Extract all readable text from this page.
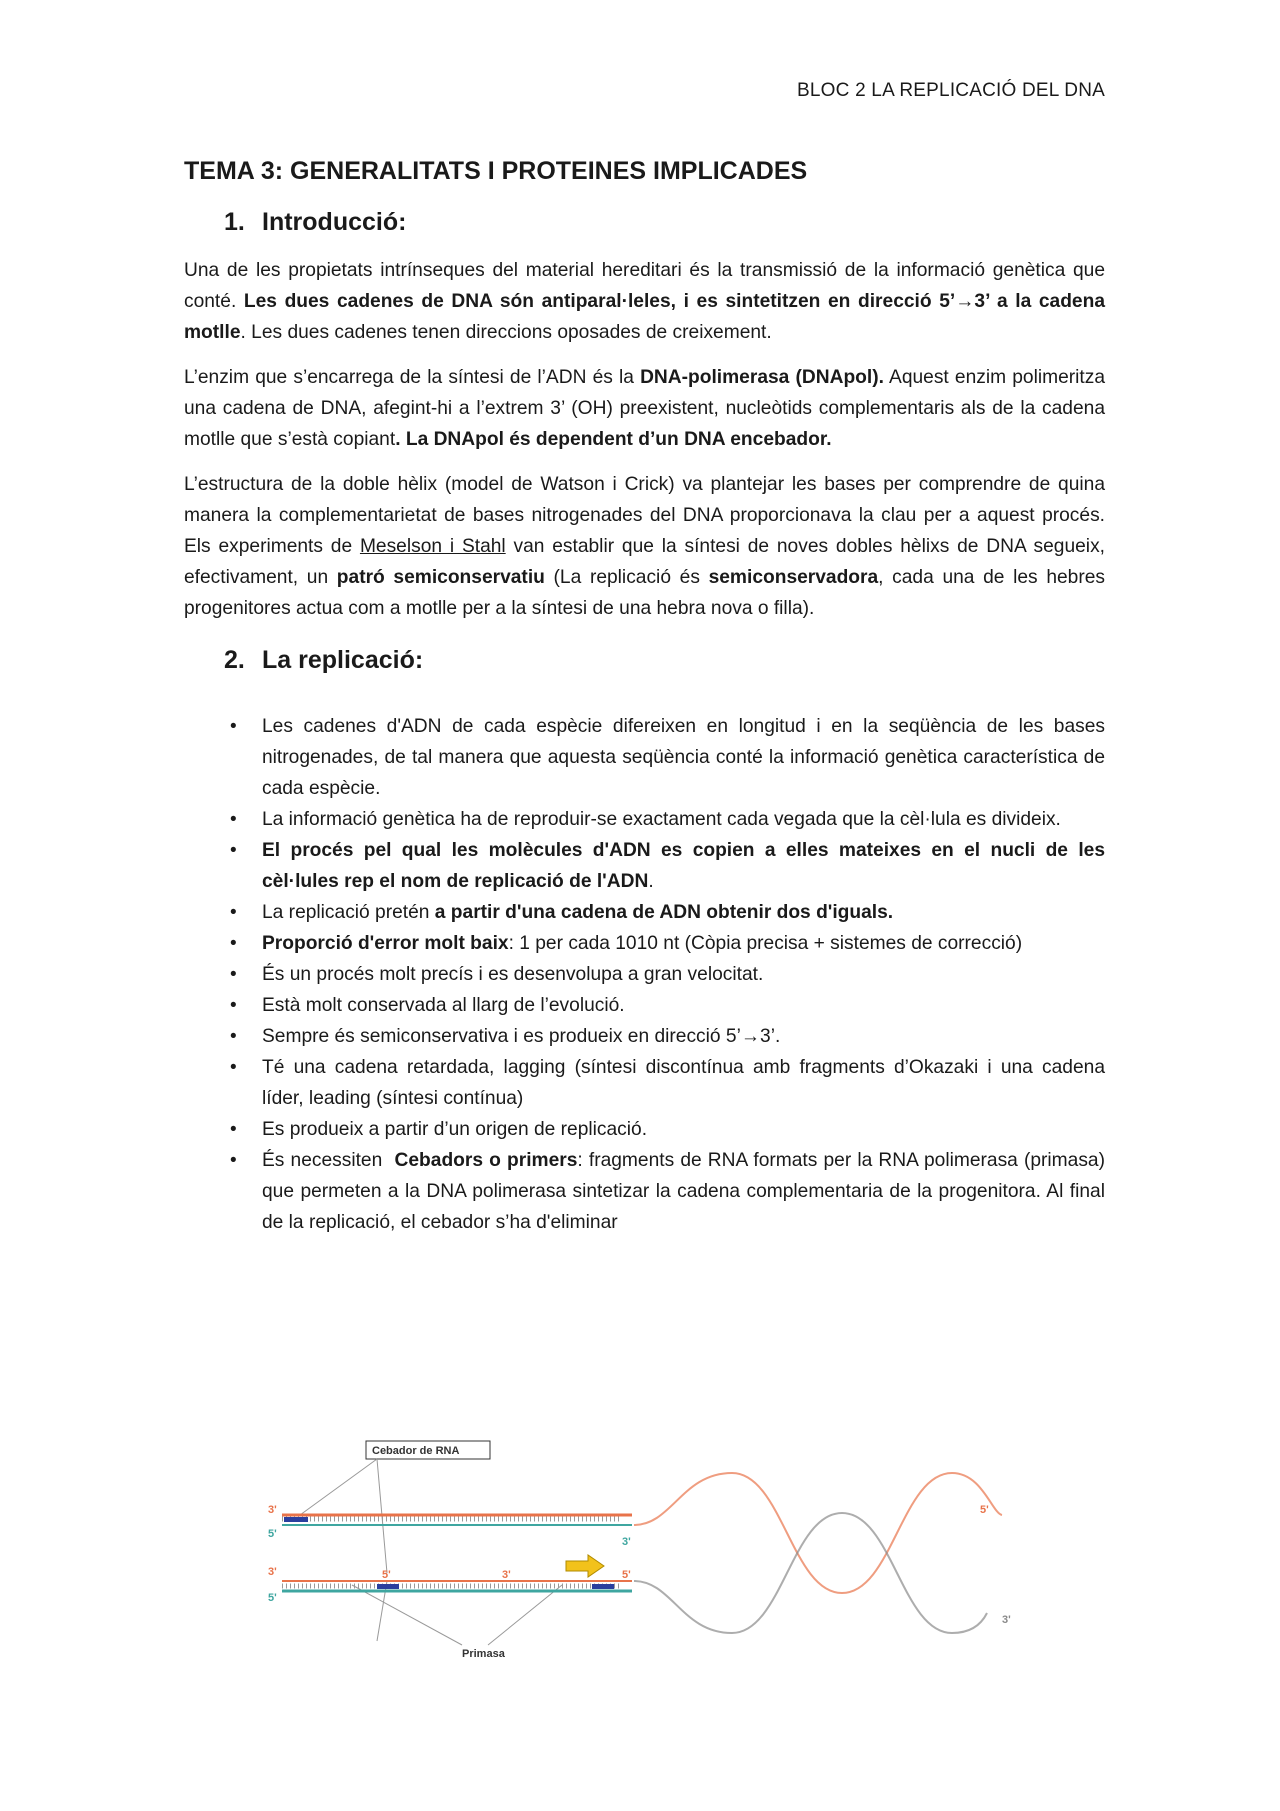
BLOC 2 LA REPLICACIÓ DEL DNA
TEMA 3: GENERALITATS I PROTEINES IMPLICADES
1. Introducció:

Una de les propietats intrínseques del material hereditari és la transmissió de la informació genètica que conté. Les dues cadenes de DNA són antiparal·leles, i es sintetitzen en direcció 5’→3’ a la cadena motlle. Les dues cadenes tenen direccions oposades de creixement.

L’enzim que s’encarrega de la síntesi de l’ADN és la DNA-polimerasa (DNApol). Aquest enzim polimeritza una cadena de DNA, afegint-hi a l’extrem 3’ (OH) preexistent, nucleòtids complementaris als de la cadena motlle que s’està copiant. La DNApol és dependent d’un DNA encebador.

L’estructura de la doble hèlix (model de Watson i Crick) va plantejar les bases per comprendre de quina manera la complementarietat de bases nitrogenades del DNA proporcionava la clau per a aquest procés. Els experiments de Meselson i Stahl van establir que la síntesi de noves dobles hèlixs de DNA segueix, efectivament, un patró semiconservatiu (La replicació és semiconservadora, cada una de les hebres progenitores actua com a motlle per a la síntesi de una hebra nova o filla).

2. La replicació:
• Les cadenes d'ADN de cada espècie difereixen en longitud i en la seqüència de les bases nitrogenades, de tal manera que aquesta seqüència conté la informació genètica característica de cada espècie.
• La informació genètica ha de reproduir-se exactament cada vegada que la cèl·lula es divideix.
• El procés pel qual les molècules d'ADN es copien a elles mateixes en el nucli de les cèl·lules rep el nom de replicació de l'ADN.
• La replicació pretén a partir d'una cadena de ADN obtenir dos d'iguals.
• Proporció d'error molt baix: 1 per cada 1010 nt (Còpia precisa + sistemes de correcció)
• És un procés molt precís i es desenvolupa a gran velocitat.
• Està molt conservada al llarg de l’evolució.
• Sempre és semiconservativa i es produeix en direcció 5’→3’.
• Té una cadena retardada, lagging (síntesi discontínua amb fragments d’Okazaki i una cadena líder, leading (síntesi contínua)
• Es produeix a partir d’un origen de replicació.
• És necessiten  Cebadors o primers: fragments de RNA formats per la RNA polimerasa (primasa) que permeten a la DNA polimerasa sintetizar la cadena complementaria de la progenitora. Al final de la replicació, el cebador s’ha d'eliminar
Cebador de RNA
Primasa
3'
5'
3'
5'
5'
3'
5'
3'
5'
3'
